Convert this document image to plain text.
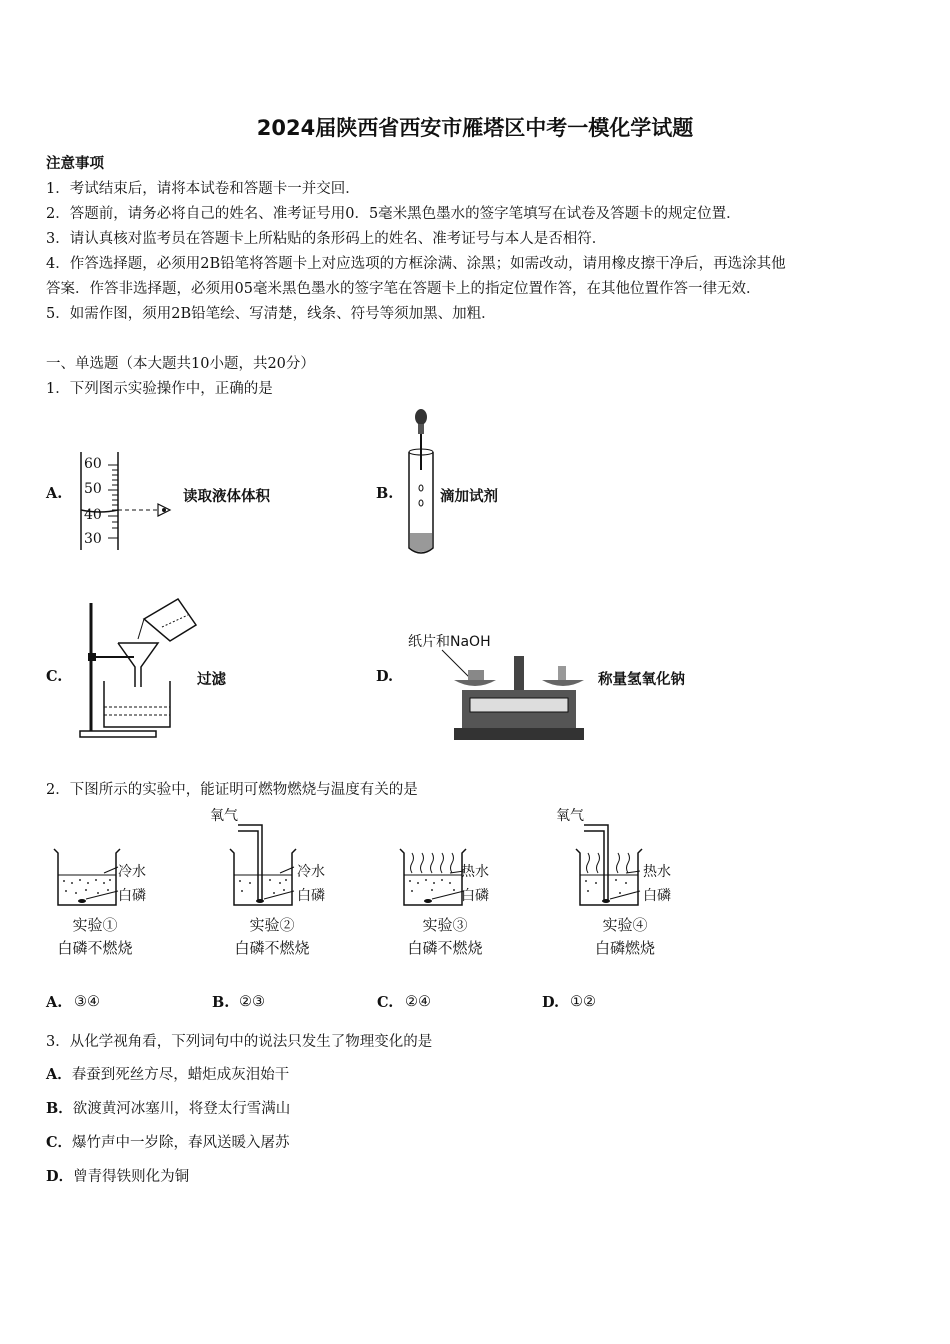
2024届陕西省西安市雁塔区中考一模化学试题
注意事项
1．考试结束后，请将本试卷和答题卡一并交回．
2．答题前，请务必将自己的姓名、准考证号用0．5毫米黑色墨水的签字笔填写在试卷及答题卡的规定位置．
3．请认真核对监考员在答题卡上所粘贴的条形码上的姓名、准考证号与本人是否相符．
4．作答选择题，必须用2B铅笔将答题卡上对应选项的方框涂满、涂黑；如需改动，请用橡皮擦干净后，再选涂其他
答案．作答非选择题，必须用05毫米黑色墨水的签字笔在答题卡上的指定位置作答，在其他位置作答一律无效．
5．如需作图，须用2B铅笔绘、写清楚，线条、符号等须加黑、加粗．
一、单选题（本大题共10小题，共20分）
1．下列图示实验操作中，正确的是
A.
60
50
40
30
读取液体体积	B.	滴加试剂
C.	过滤	D.
纸片和NaOH
称量氢氧化钠
2．下图所示的实验中，能证明可燃物燃烧与温度有关的是
冷水
白磷
实验①
白磷不燃烧
氧气
冷水
白磷
实验②
白磷不燃烧
热水
白磷
实验③
白磷不燃烧
氧气
热水
白磷
实验④
白磷燃烧
A. ③④	B. ②③	C. ②④	D. ①②
3．从化学视角看，下列词句中的说法只发生了物理变化的是
A．春蚕到死丝方尽，蜡炬成灰泪始干
B．欲渡黄河冰塞川，将登太行雪满山
C．爆竹声中一岁除，春风送暖入屠苏
D．曾青得铁则化为铜
